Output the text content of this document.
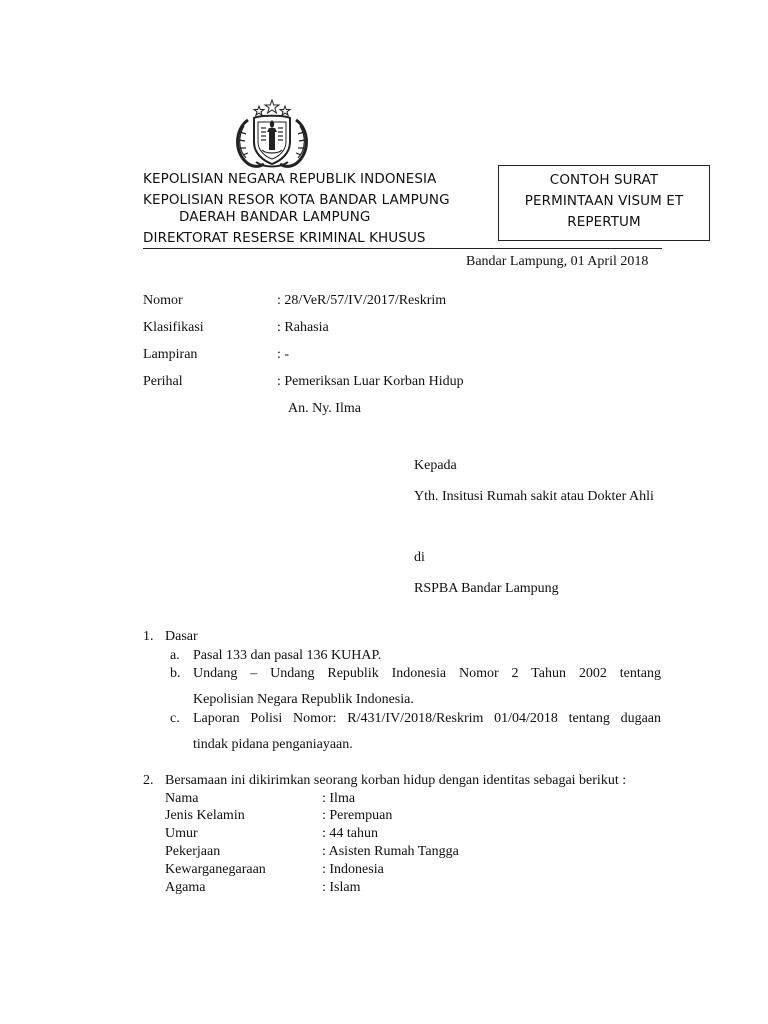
KEPOLISIAN NEGARA REPUBLIK INDONESIA
KEPOLISIAN RESOR KOTA BANDAR LAMPUNG
DAERAH BANDAR LAMPUNG
DIREKTORAT RESERSE KRIMINAL KHUSUS
CONTOH SURAT
PERMINTAAN VISUM ET
REPERTUM
Bandar Lampung, 01 April 2018
Nomor	: 28/VeR/57/IV/2017/Reskrim
Klasifikasi	: Rahasia
Lampiran	: -
Perihal	: Pemeriksan Luar Korban Hidup
An. Ny. Ilma
Kepada
Yth. Insitusi Rumah sakit atau Dokter Ahli
di
RSPBA Bandar Lampung
1. Dasar
a. Pasal 133 dan pasal 136 KUHAP.
b. Undang – Undang Republik Indonesia Nomor 2 Tahun 2002 tentang
Kepolisian Negara Republik Indonesia.
c. Laporan Polisi Nomor: R/431/IV/2018/Reskrim 01/04/2018 tentang dugaan
tindak pidana penganiayaan.
2. Bersamaan ini dikirimkan seorang korban hidup dengan identitas sebagai berikut :
Nama	: Ilma
Jenis Kelamin	: Perempuan
Umur	: 44 tahun
Pekerjaan	: Asisten Rumah Tangga
Kewarganegaraan	: Indonesia
Agama	: Islam
